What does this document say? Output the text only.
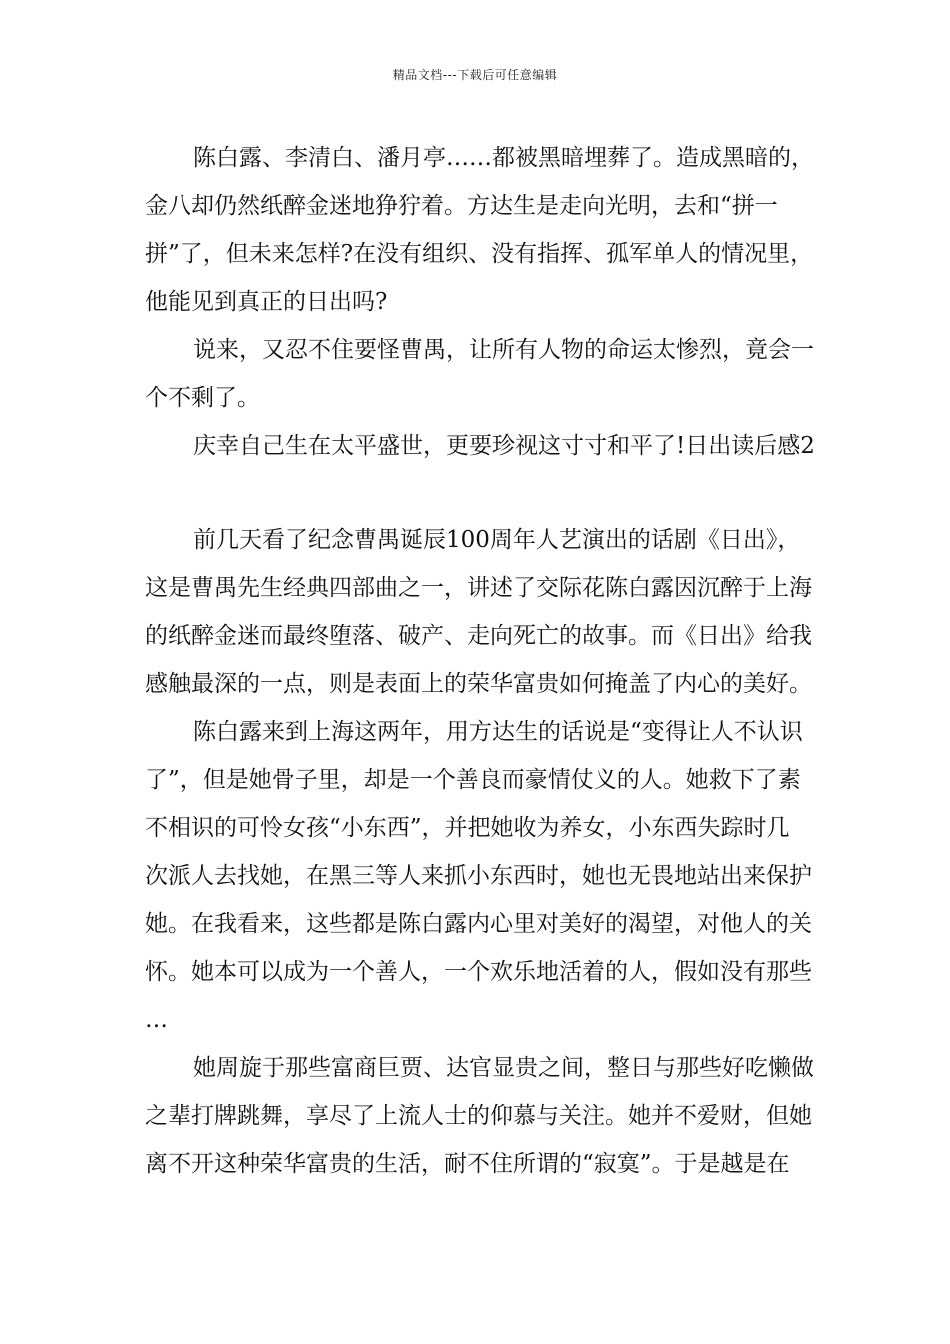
精品文档---下载后可任意编辑
陈白露、李清白、潘月亭……都被黑暗埋葬了。造成黑暗的，
金八却仍然纸醉金迷地狰狞着。方达生是走向光明，去和“拼一
拼”了，但未来怎样?在没有组织、没有指挥、孤军单人的情况里，
他能见到真正的日出吗?
说来，又忍不住要怪曹禺，让所有人物的命运太惨烈，竟会一
个不剩了。
庆幸自己生在太平盛世，更要珍视这寸寸和平了!日出读后感2
前几天看了纪念曹禺诞辰100周年人艺演出的话剧《日出》，
这是曹禺先生经典四部曲之一，讲述了交际花陈白露因沉醉于上海
的纸醉金迷而最终堕落、破产、走向死亡的故事。而《日出》给我
感触最深的一点，则是表面上的荣华富贵如何掩盖了内心的美好。
陈白露来到上海这两年，用方达生的话说是“变得让人不认识
了”，但是她骨子里，却是一个善良而豪情仗义的人。她救下了素
不相识的可怜女孩“小东西”，并把她收为养女，小东西失踪时几
次派人去找她，在黑三等人来抓小东西时，她也无畏地站出来保护
她。在我看来，这些都是陈白露内心里对美好的渴望，对他人的关
怀。她本可以成为一个善人，一个欢乐地活着的人，假如没有那些
…
她周旋于那些富商巨贾、达官显贵之间，整日与那些好吃懒做
之辈打牌跳舞，享尽了上流人士的仰慕与关注。她并不爱财，但她
离不开这种荣华富贵的生活，耐不住所谓的“寂寞”。于是越是在
